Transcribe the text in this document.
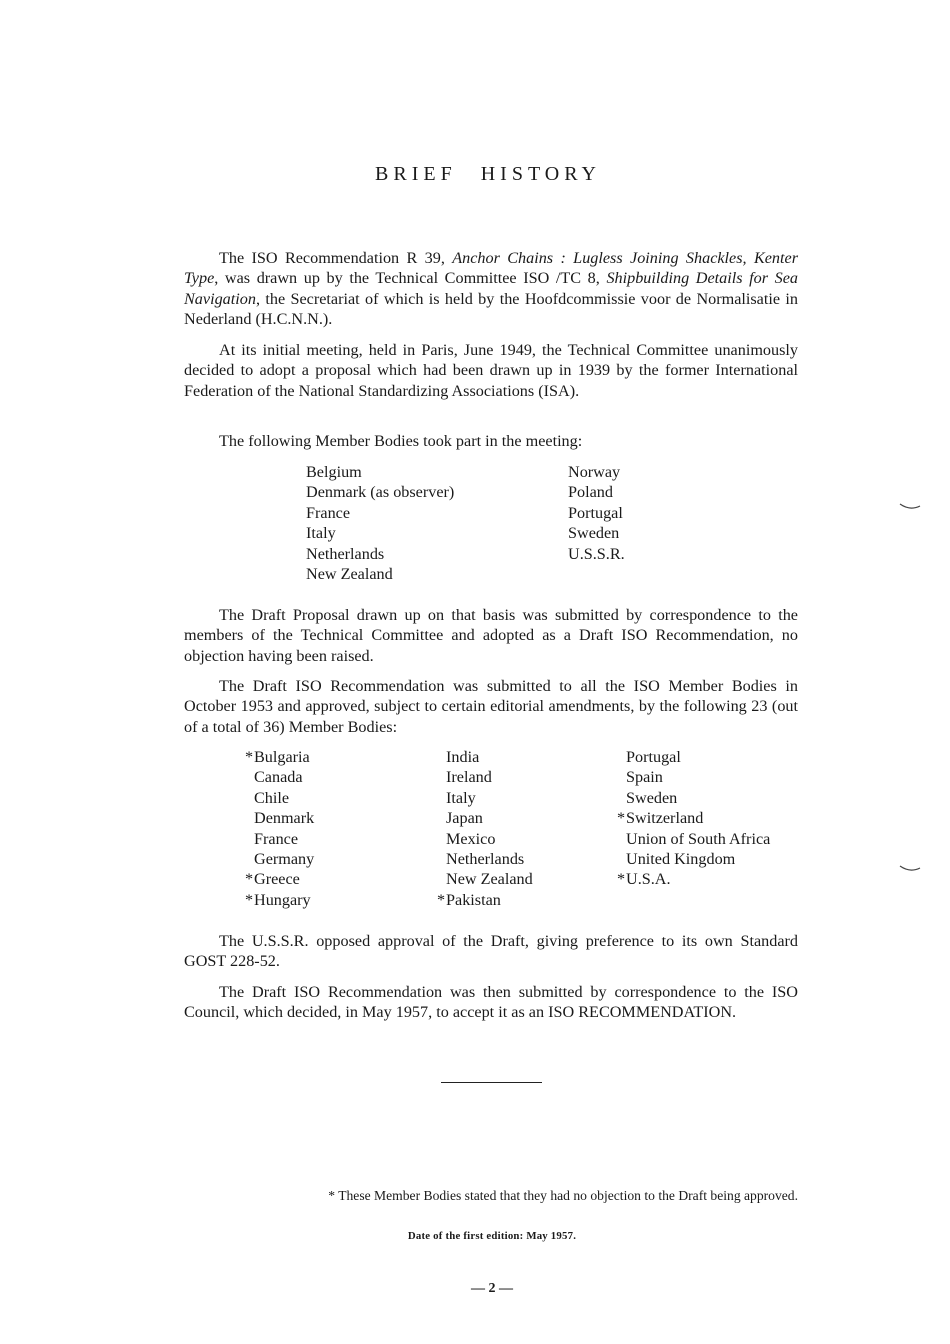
BRIEF HISTORY

The ISO Recommendation R 39, Anchor Chains : Lugless Joining Shackles, Kenter Type, was drawn up by the Technical Committee ISO /TC 8, Shipbuilding Details for Sea Navigation, the Secretariat of which is held by the Hoofdcommissie voor de Normalisatie in Nederland (H.C.N.N.).

At its initial meeting, held in Paris, June 1949, the Technical Committee unanimously decided to adopt a proposal which had been drawn up in 1939 by the former International Federation of the National Standardizing Associations (ISA).

The following Member Bodies took part in the meeting:

Belgium
Denmark (as observer)
France
Italy
Netherlands
New Zealand
Norway
Poland
Portugal
Sweden
U.S.S.R.

The Draft Proposal drawn up on that basis was submitted by correspondence to the members of the Technical Committee and adopted as a Draft ISO Recommendation, no objection having been raised.

The Draft ISO Recommendation was submitted to all the ISO Member Bodies in October 1953 and approved, subject to certain editorial amendments, by the following 23 (out of a total of 36) Member Bodies:

*Bulgaria
Canada
Chile
Denmark
France
Germany
*Greece
*Hungary
India
Ireland
Italy
Japan
Mexico
Netherlands
New Zealand
*Pakistan
Portugal
Spain
Sweden
*Switzerland
Union of South Africa
United Kingdom
*U.S.A.

The U.S.S.R. opposed approval of the Draft, giving preference to its own Standard GOST 228-52.

The Draft ISO Recommendation was then submitted by correspondence to the ISO Council, which decided, in May 1957, to accept it as an ISO RECOMMENDATION.

* These Member Bodies stated that they had no objection to the Draft being approved.
Date of the first edition: May 1957.
— 2 —
